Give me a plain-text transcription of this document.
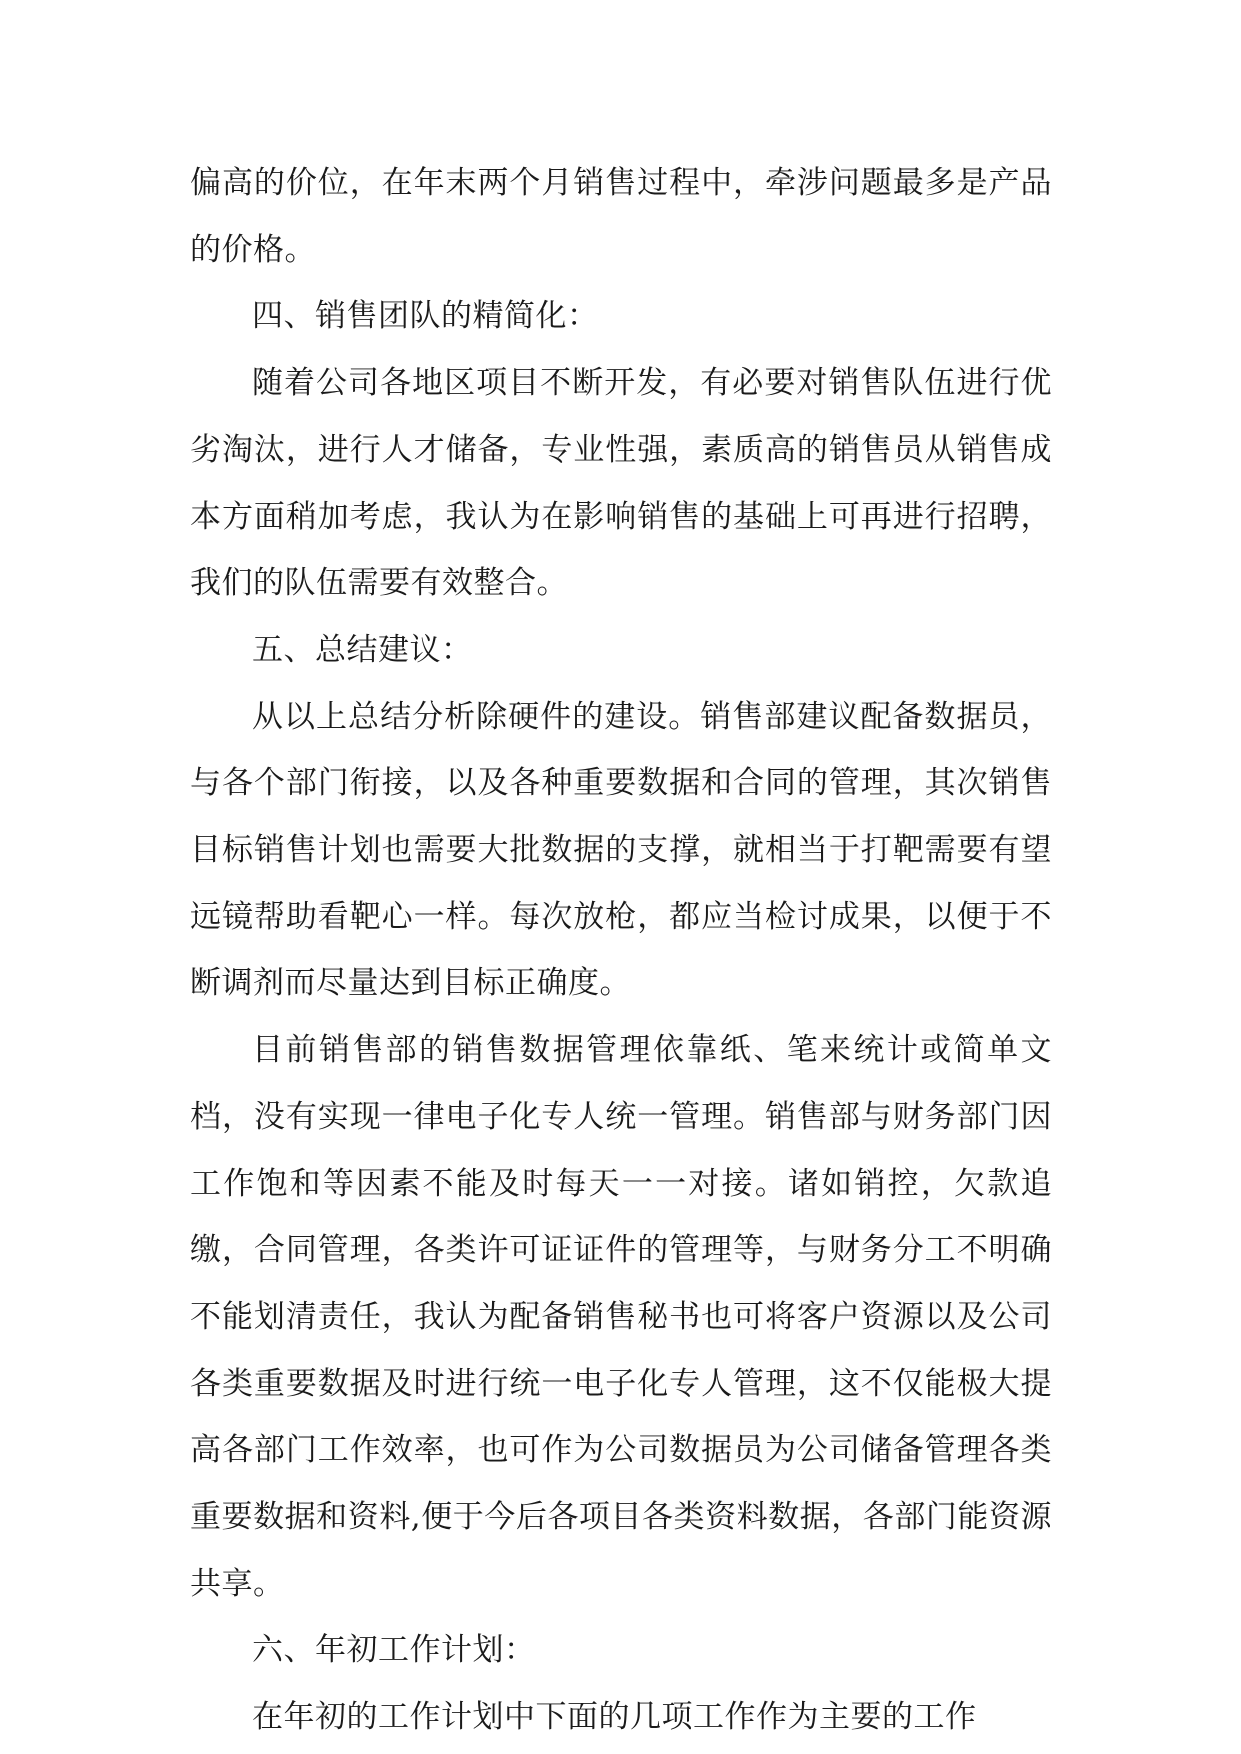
偏高的价位，在年末两个月销售过程中，牵涉问题最多是产品的价格。

四、销售团队的精简化：

随着公司各地区项目不断开发，有必要对销售队伍进行优劣淘汰，进行人才储备，专业性强，素质高的销售员从销售成本方面稍加考虑，我认为在影响销售的基础上可再进行招聘，我们的队伍需要有效整合。

五、总结建议：

从以上总结分析除硬件的建设。销售部建议配备数据员，与各个部门衔接，以及各种重要数据和合同的管理，其次销售目标销售计划也需要大批数据的支撑，就相当于打靶需要有望远镜帮助看靶心一样。每次放枪，都应当检讨成果，以便于不断调剂而尽量达到目标正确度。

目前销售部的销售数据管理依靠纸、笔来统计或简单文档，没有实现一律电子化专人统一管理。销售部与财务部门因工作饱和等因素不能及时每天一一对接。诸如销控，欠款追缴，合同管理，各类许可证证件的管理等，与财务分工不明确不能划清责任，我认为配备销售秘书也可将客户资源以及公司各类重要数据及时进行统一电子化专人管理，这不仅能极大提高各部门工作效率，也可作为公司数据员为公司储备管理各类重要数据和资料,便于今后各项目各类资料数据，各部门能资源共享。

六、年初工作计划：

在年初的工作计划中下面的几项工作作为主要的工作
